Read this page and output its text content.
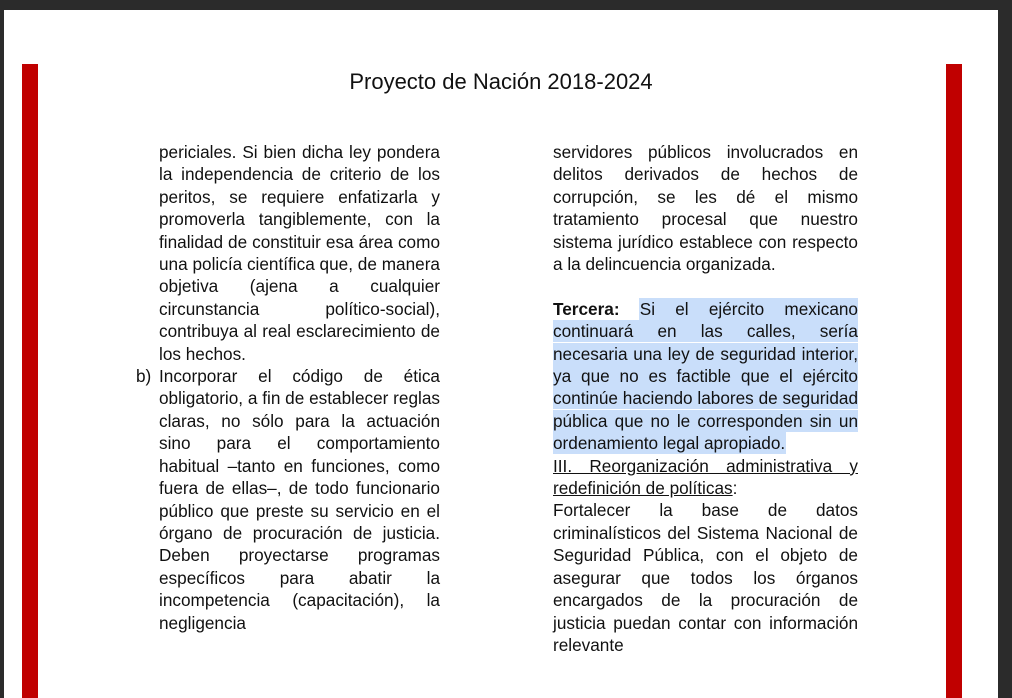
Proyecto de Nación 2018-2024

periciales. Si bien dicha ley pondera la independencia de criterio de los peritos, se requiere enfatizarla y promoverla tangiblemente, con la finalidad de constituir esa área como una policía científica que, de manera objetiva (ajena a cualquier circunstancia político-social), contribuya al real esclarecimiento de los hechos.

b) Incorporar el código de ética obligatorio, a fin de establecer reglas claras, no sólo para la actuación sino para el comportamiento habitual –tanto en funciones, como fuera de ellas–, de todo funcionario público que preste su servicio en el órgano de procuración de justicia. Deben proyectarse programas específicos para abatir la incompetencia (capacitación), la negligencia

servidores públicos involucrados en delitos derivados de hechos de corrupción, se les dé el mismo tratamiento procesal que nuestro sistema jurídico establece con respecto a la delincuencia organizada.

Tercera: Si el ejército mexicano continuará en las calles, sería necesaria una ley de seguridad interior, ya que no es factible que el ejército continúe haciendo labores de seguridad pública que no le corresponden sin un ordenamiento legal apropiado.

III. Reorganización administrativa y redefinición de políticas:

Fortalecer la base de datos criminalísticos del Sistema Nacional de Seguridad Pública, con el objeto de asegurar que todos los órganos encargados de la procuración de justicia puedan contar con información relevante
